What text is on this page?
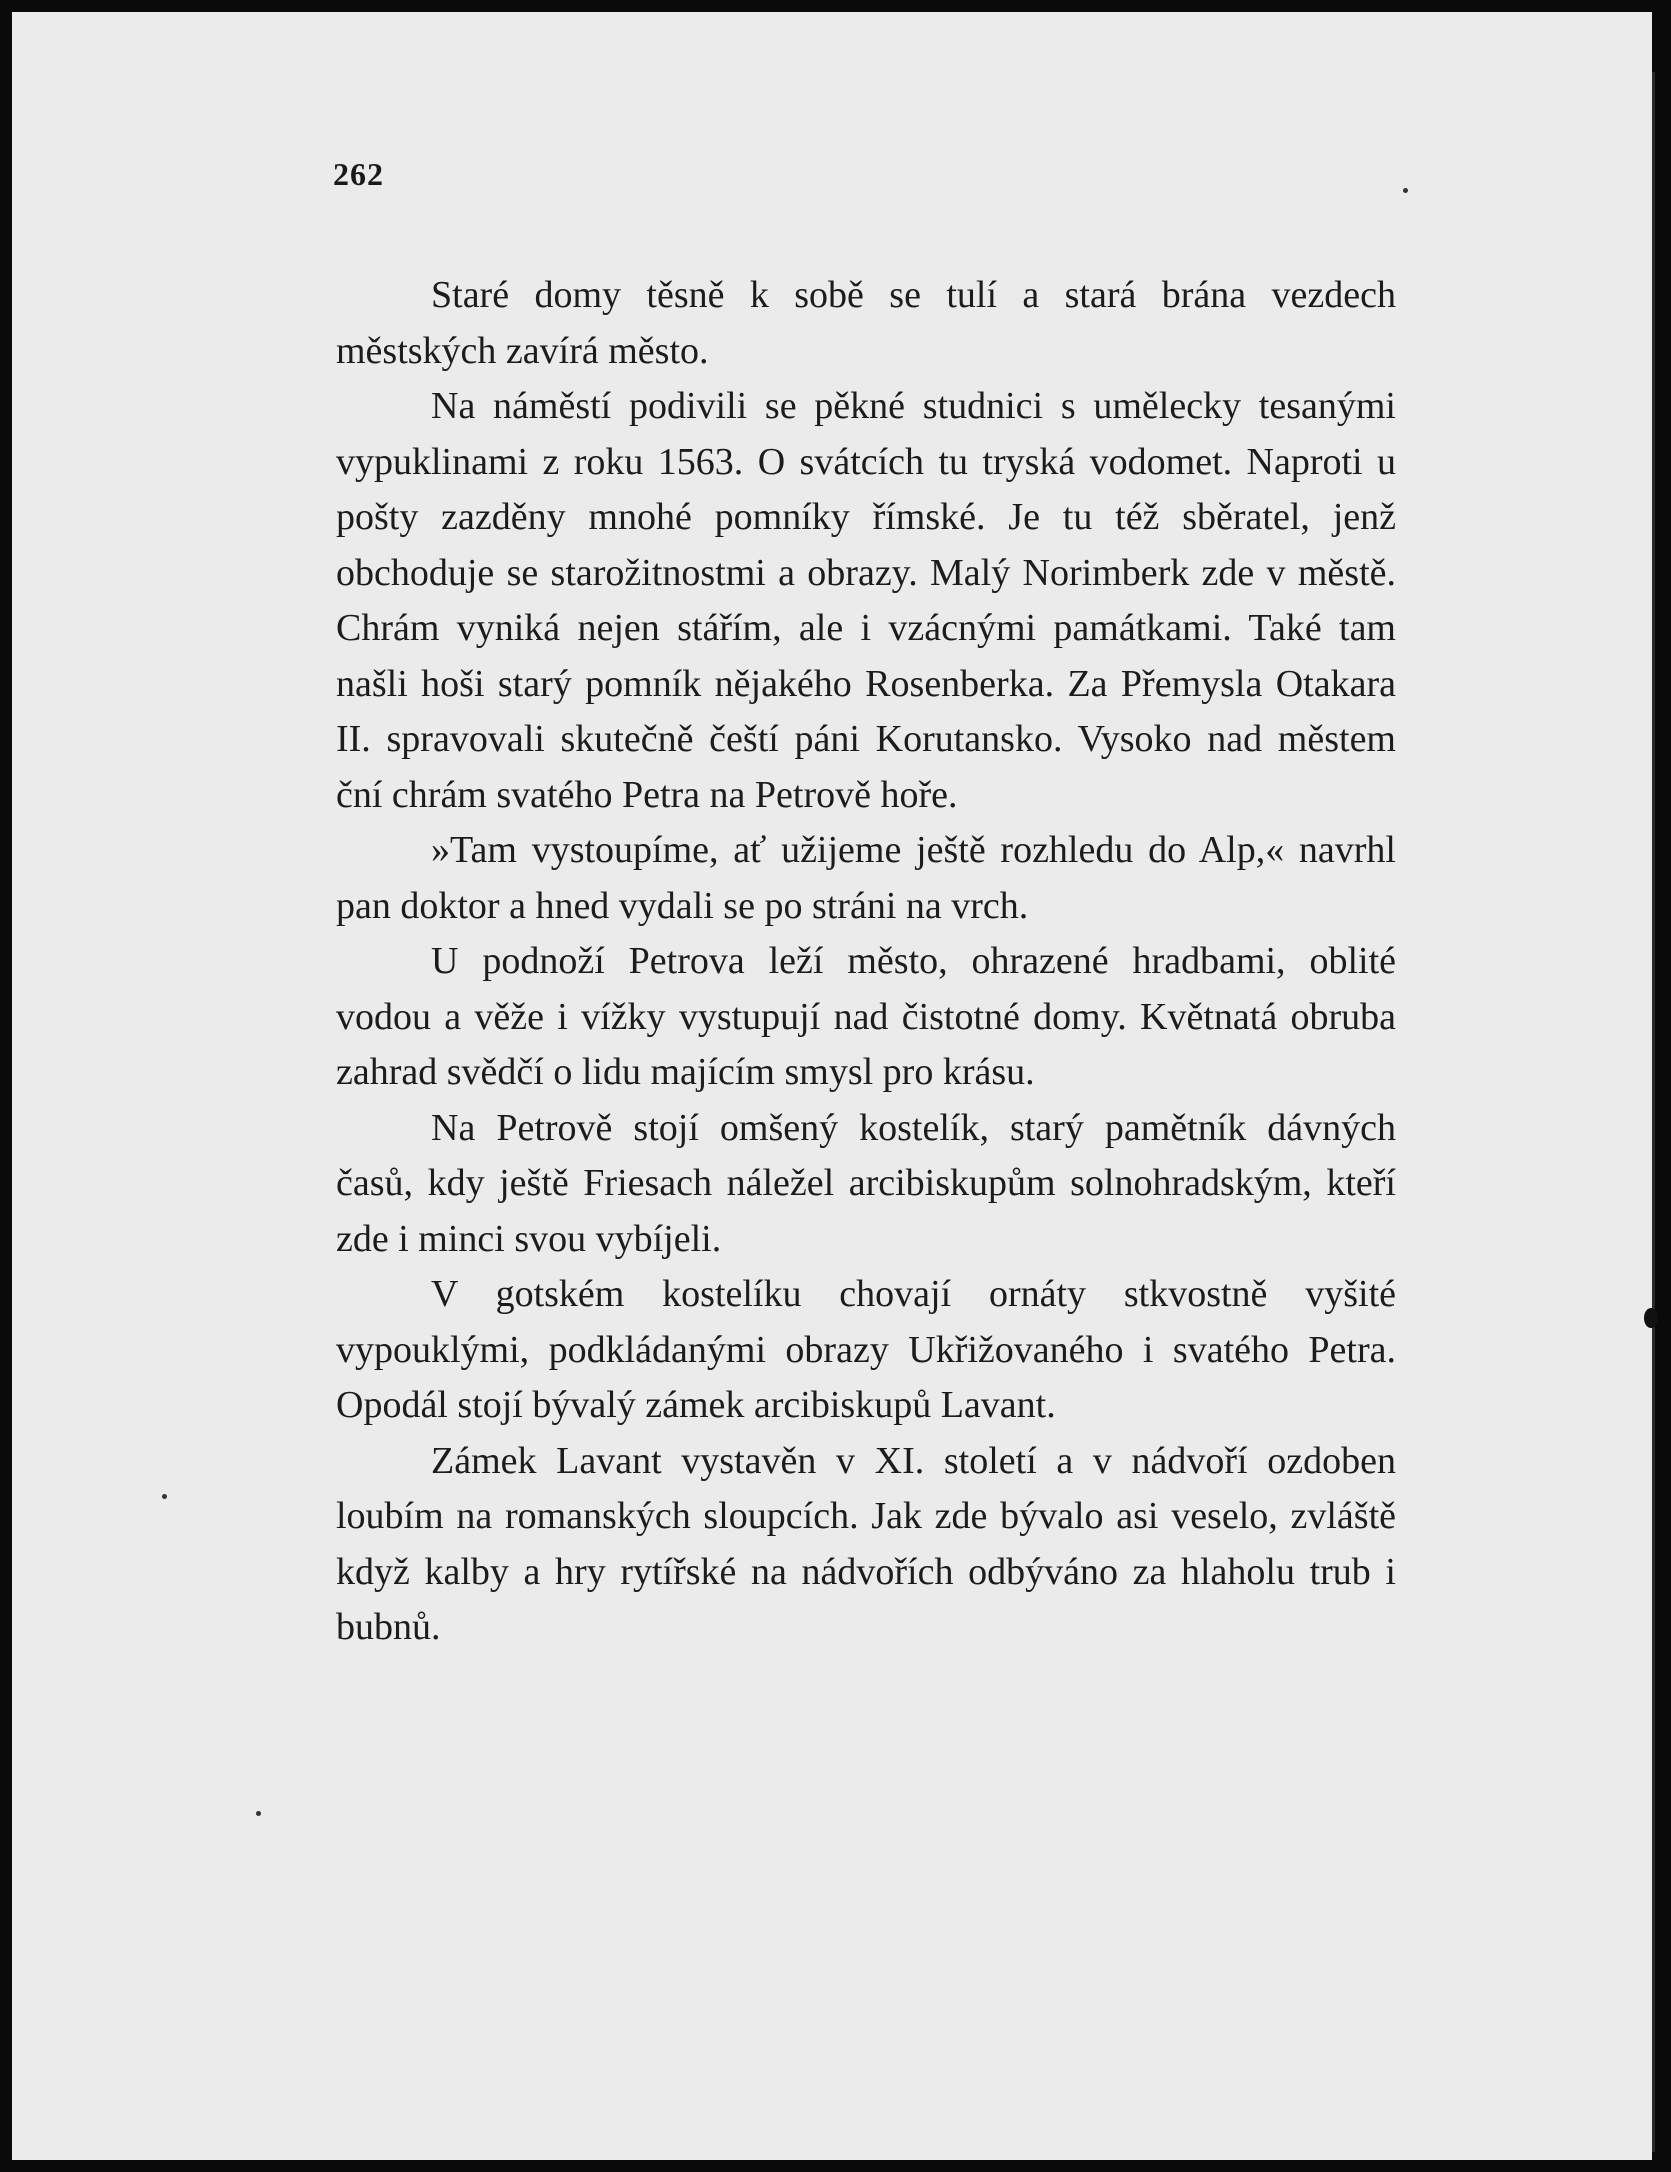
262

Staré domy těsně k sobě se tulí a stará brána vezdech městských zavírá město.

Na náměstí podivili se pěkné studnici s umělecky tesanými vypuklinami z roku 1563. O svátcích tu tryská vodomet. Naproti u pošty zazděny mnohé pomníky římské. Je tu též sběratel, jenž obchoduje se starožitnostmi a obrazy. Malý Norimberk zde v městě. Chrám vyniká nejen stářím, ale i vzácnými památkami. Také tam našli hoši starý pomník nějakého Rosenberka. Za Přemysla Otakara II. spravovali skutečně čeští páni Korutansko. Vysoko nad městem ční chrám svatého Petra na Petrově hoře.

»Tam vystoupíme, ať užijeme ještě rozhledu do Alp,« navrhl pan doktor a hned vydali se po stráni na vrch.

U podnoží Petrova leží město, ohrazené hradbami, oblité vodou a věže i vížky vystupují nad čistotné domy. Květnatá obruba zahrad svědčí o lidu majícím smysl pro krásu.

Na Petrově stojí omšený kostelík, starý pamětník dávných časů, kdy ještě Friesach náležel arcibiskupům solnohradským, kteří zde i minci svou vybíjeli.

V gotském kostelíku chovají ornáty stkvostně vyšité vypouklými, podkládanými obrazy Ukřižovaného i svatého Petra. Opodál stojí bývalý zámek arcibiskupů Lavant.

Zámek Lavant vystavěn v XI. století a v nádvoří ozdoben loubím na romanských sloupcích. Jak zde bývalo asi veselo, zvláště když kalby a hry rytířské na nádvořích odbýváno za hlaholu trub i bubnů.
